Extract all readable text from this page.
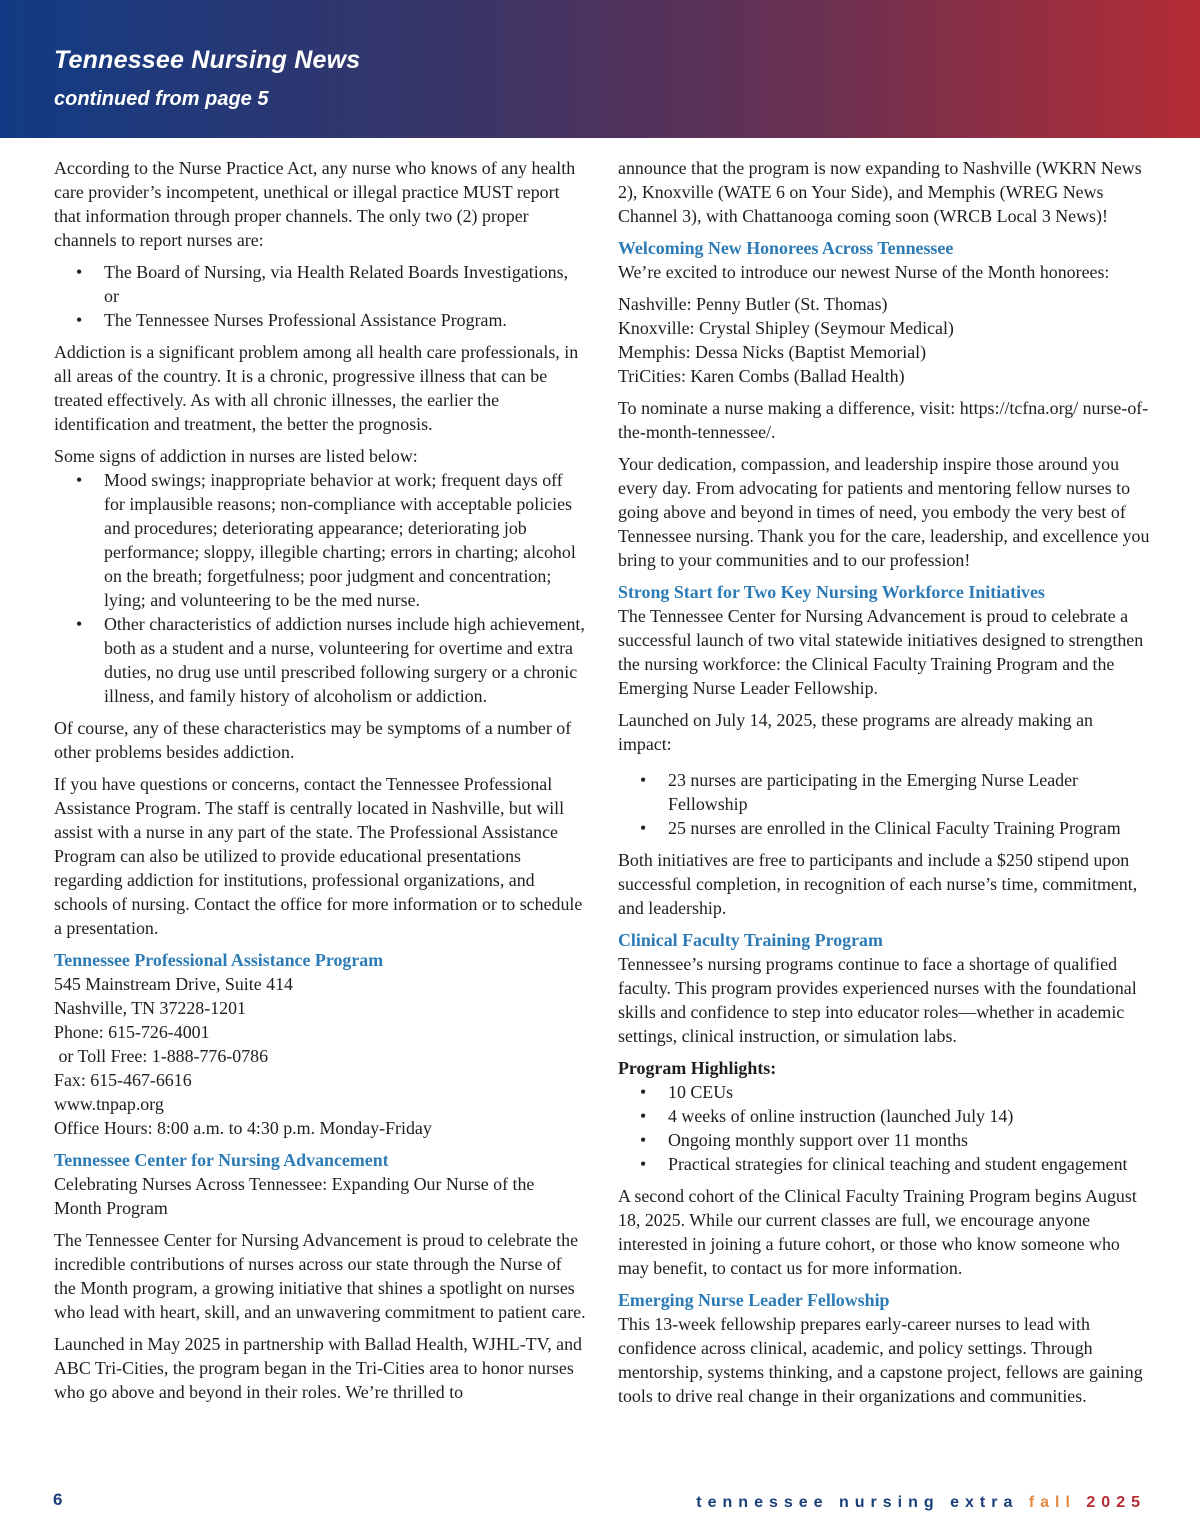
Tennessee Nursing News
continued from page 5

According to the Nurse Practice Act, any nurse who knows of any health care provider’s incompetent, unethical or illegal practice MUST report that information through proper channels. The only two (2) proper channels to report nurses are:

• The Board of Nursing, via Health Related Boards Investigations, or
• The Tennessee Nurses Professional Assistance Program.

Addiction is a significant problem among all health care professionals, in all areas of the country. It is a chronic, progressive illness that can be treated effectively. As with all chronic illnesses, the earlier the identification and treatment, the better the prognosis.

Some signs of addiction in nurses are listed below:

• Mood swings; inappropriate behavior at work; frequent days off for implausible reasons; non-compliance with acceptable policies and procedures; deteriorating appearance; deteriorating job performance; sloppy, illegible charting; errors in charting; alcohol on the breath; forgetfulness; poor judgment and concentration; lying; and volunteering to be the med nurse.
• Other characteristics of addiction nurses include high achievement, both as a student and a nurse, volunteering for overtime and extra duties, no drug use until prescribed following surgery or a chronic illness, and family history of alcoholism or addiction.

Of course, any of these characteristics may be symptoms of a number of other problems besides addiction.

If you have questions or concerns, contact the Tennessee Professional Assistance Program. The staff is centrally located in Nashville, but will assist with a nurse in any part of the state. The Professional Assistance Program can also be utilized to provide educational presentations regarding addiction for institutions, professional organizations, and schools of nursing. Contact the office for more information or to schedule a presentation.

Tennessee Professional Assistance Program
545 Mainstream Drive, Suite 414
Nashville, TN 37228-1201
Phone: 615-726-4001
or Toll Free: 1-888-776-0786
Fax: 615-467-6616
www.tnpap.org
Office Hours: 8:00 a.m. to 4:30 p.m. Monday-Friday
Tennessee Center for Nursing Advancement

Celebrating Nurses Across Tennessee: Expanding Our Nurse of the Month Program

The Tennessee Center for Nursing Advancement is proud to celebrate the incredible contributions of nurses across our state through the Nurse of the Month program, a growing initiative that shines a spotlight on nurses who lead with heart, skill, and an unwavering commitment to patient care.

Launched in May 2025 in partnership with Ballad Health, WJHL-TV, and ABC Tri-Cities, the program began in the Tri-Cities area to honor nurses who go above and beyond in their roles. We’re thrilled to

announce that the program is now expanding to Nashville (WKRN News 2), Knoxville (WATE 6 on Your Side), and Memphis (WREG News Channel 3), with Chattanooga coming soon (WRCB Local 3 News)!

Welcoming New Honorees Across Tennessee

We’re excited to introduce our newest Nurse of the Month honorees:

Nashville: Penny Butler (St. Thomas)
Knoxville: Crystal Shipley (Seymour Medical)
Memphis: Dessa Nicks (Baptist Memorial)
TriCities: Karen Combs (Ballad Health)

To nominate a nurse making a difference, visit: https://tcfna.org/ nurse-of-the-month-tennessee/.

Your dedication, compassion, and leadership inspire those around you every day. From advocating for patients and mentoring fellow nurses to going above and beyond in times of need, you embody the very best of Tennessee nursing. Thank you for the care, leadership, and excellence you bring to your communities and to our profession!

Strong Start for Two Key Nursing Workforce Initiatives

The Tennessee Center for Nursing Advancement is proud to celebrate a successful launch of two vital statewide initiatives designed to strengthen the nursing workforce: the Clinical Faculty Training Program and the Emerging Nurse Leader Fellowship.

Launched on July 14, 2025, these programs are already making an impact:

• 23 nurses are participating in the Emerging Nurse Leader Fellowship
• 25 nurses are enrolled in the Clinical Faculty Training Program

Both initiatives are free to participants and include a $250 stipend upon successful completion, in recognition of each nurse’s time, commitment, and leadership.

Clinical Faculty Training Program

Tennessee’s nursing programs continue to face a shortage of qualified faculty. This program provides experienced nurses with the foundational skills and confidence to step into educator roles—whether in academic settings, clinical instruction, or simulation labs.

Program Highlights:
• 10 CEUs
• 4 weeks of online instruction (launched July 14)
• Ongoing monthly support over 11 months
• Practical strategies for clinical teaching and student engagement

A second cohort of the Clinical Faculty Training Program begins August 18, 2025. While our current classes are full, we encourage anyone interested in joining a future cohort, or those who know someone who may benefit, to contact us for more information.

Emerging Nurse Leader Fellowship

This 13-week fellowship prepares early-career nurses to lead with confidence across clinical, academic, and policy settings. Through mentorship, systems thinking, and a capstone project, fellows are gaining tools to drive real change in their organizations and communities.

6	tennessee nursing extra fall 2025
